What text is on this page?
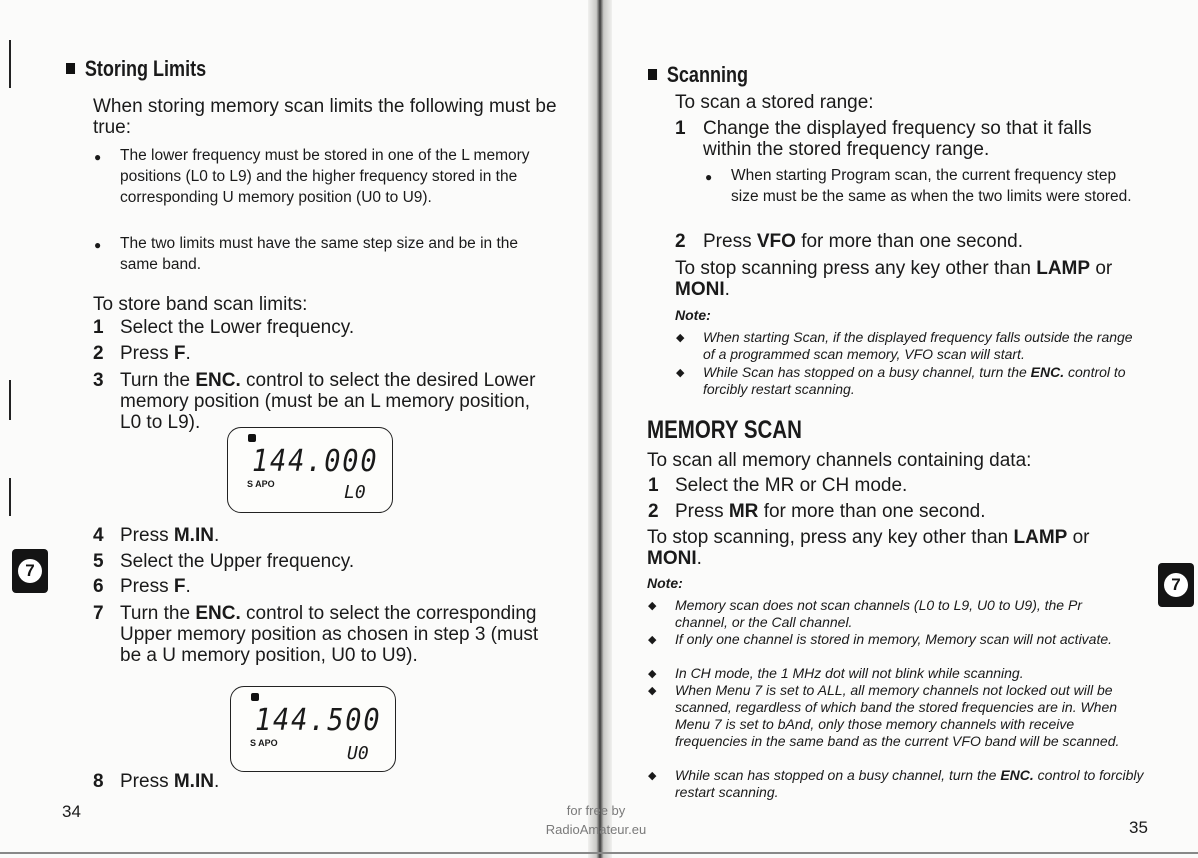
Storing Limits
When storing memory scan limits the following must be true:
● The lower frequency must be stored in one of the L memory positions (L0 to L9) and the higher frequency stored in the corresponding U memory position (U0 to U9).
● The two limits must have the same step size and be in the same band.
To store band scan limits:
1 Select the Lower frequency.
2 Press F.
3 Turn the ENC. control to select the desired Lower memory position (must be an L memory position, L0 to L9).
144.000
S APO	L0
4 Press M.IN.
5 Select the Upper frequency.
6 Press F.
7 Turn the ENC. control to select the corresponding Upper memory position as chosen in step 3 (must be a U memory position, U0 to U9).
144.500
S APO	U0
8 Press M.IN.
34
7
for free by
RadioAmateur.eu
Scanning
To scan a stored range:
1 Change the displayed frequency so that it falls within the stored frequency range.
● When starting Program scan, the current frequency step size must be the same as when the two limits were stored.
2 Press VFO for more than one second.
To stop scanning press any key other than LAMP or MONI.
Note:
◆ When starting Scan, if the displayed frequency falls outside the range of a programmed scan memory, VFO scan will start.
◆ While Scan has stopped on a busy channel, turn the ENC. control to forcibly restart scanning.
MEMORY SCAN
To scan all memory channels containing data:
1 Select the MR or CH mode.
2 Press MR for more than one second.
To stop scanning, press any key other than LAMP or MONI.
Note:
◆ Memory scan does not scan channels (L0 to L9, U0 to U9), the Pr channel, or the Call channel.
◆ If only one channel is stored in memory, Memory scan will not activate.
◆ In CH mode, the 1 MHz dot will not blink while scanning.
◆ When Menu 7 is set to ALL, all memory channels not locked out will be scanned, regardless of which band the stored frequencies are in. When Menu 7 is set to bAnd, only those memory channels with receive frequencies in the same band as the current VFO band will be scanned.
◆ While scan has stopped on a busy channel, turn the ENC. control to forcibly restart scanning.
35
7
